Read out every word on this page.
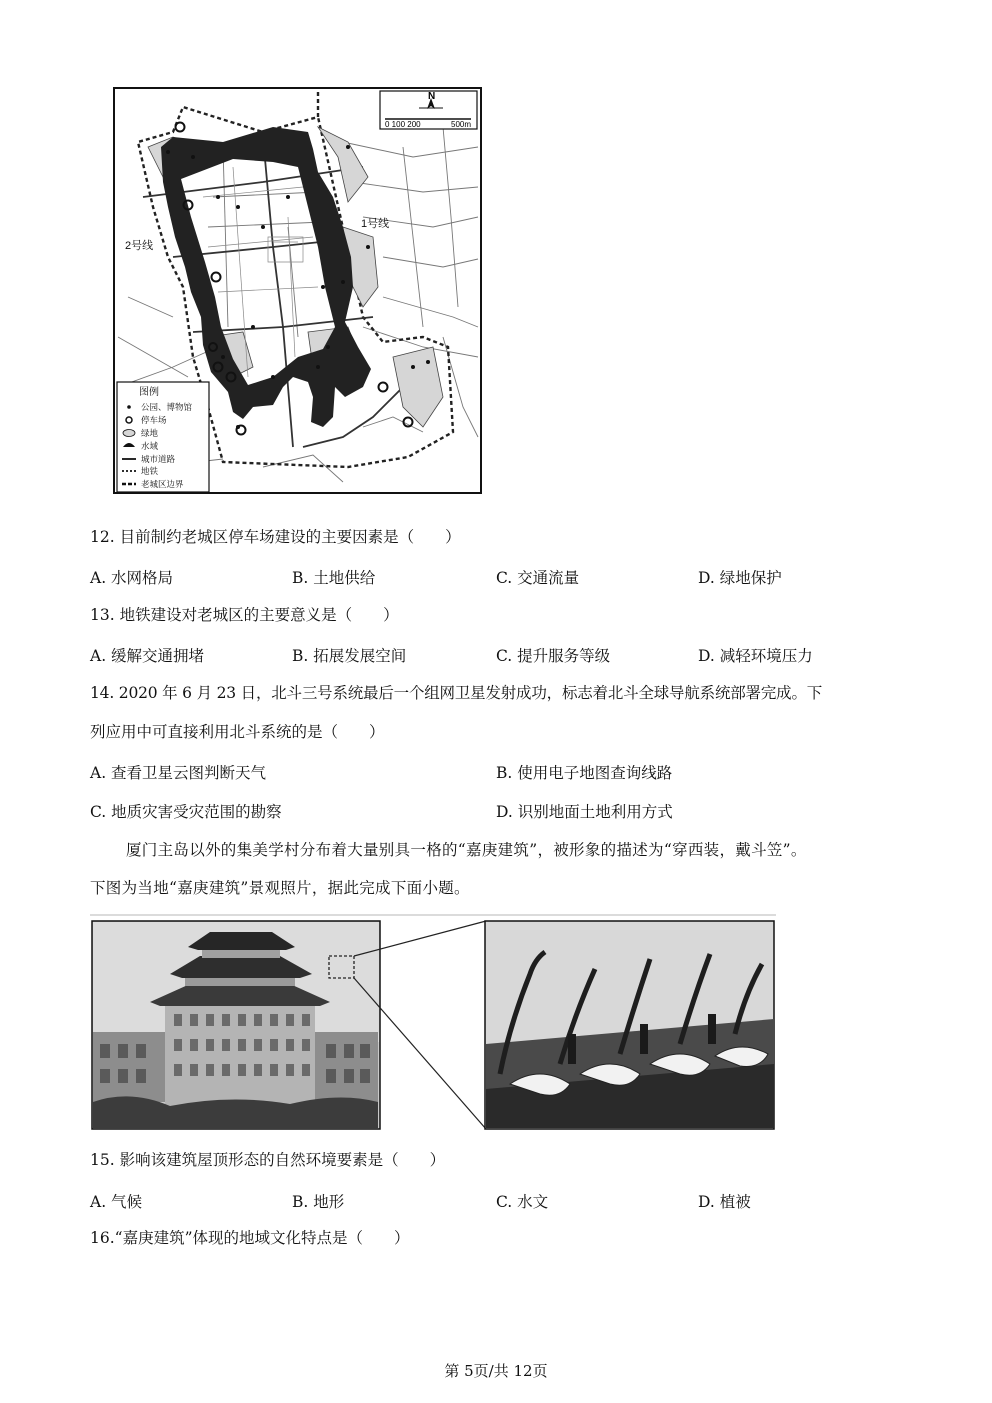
2号线
1号线
N
0 100 200	500m
图例
公园、博物馆
停车场
绿地
水域
城市道路
地铁
老城区边界
12. 目前制约老城区停车场建设的主要因素是（　　）
A. 水网格局	B. 土地供给	C. 交通流量	D. 绿地保护
13. 地铁建设对老城区的主要意义是（　　）
A. 缓解交通拥堵	B. 拓展发展空间	C. 提升服务等级	D. 减轻环境压力
14. 2020 年 6 月 23 日，北斗三号系统最后一个组网卫星发射成功，标志着北斗全球导航系统部署完成。下
列应用中可直接利用北斗系统的是（　　）
A. 查看卫星云图判断天气	B. 使用电子地图查询线路
C. 地质灾害受灾范围的勘察	D. 识别地面土地利用方式
厦门主岛以外的集美学村分布着大量别具一格的“嘉庚建筑”，被形象的描述为“穿西装，戴斗笠”。
下图为当地“嘉庚建筑”景观照片，据此完成下面小题。
15. 影响该建筑屋顶形态的自然环境要素是（　　）
A. 气候	B. 地形	C. 水文	D. 植被
16.“嘉庚建筑”体现的地域文化特点是（　　）
第 5页/共 12页
